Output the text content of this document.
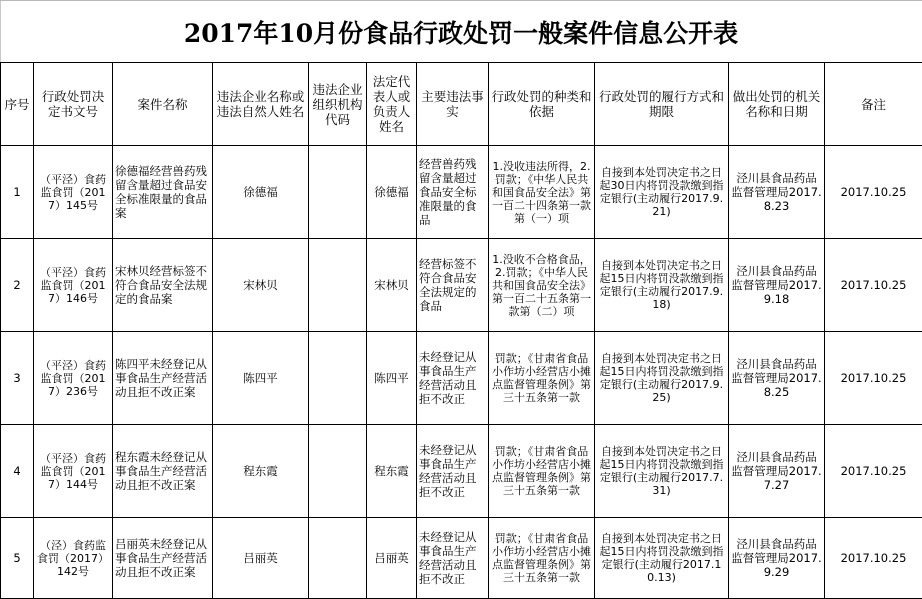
2017年10月份食品行政处罚一般案件信息公开表
序号	行政处罚决定书文号	案件名称	违法企业名称或违法自然人姓名	违法企业组织机构代码	法定代表人或负责人姓名	主要违法事实	行政处罚的种类和依据	行政处罚的履行方式和期限	做出处罚的机关名称和日期	备注
1	（平泾）食药监食罚（2017）145号	徐德福经营兽药残留含量超过食品安全标准限量的食品案	徐德福		徐德福	经营兽药残留含量超过食品安全标准限量的食品	1.没收违法所得，2.罚款；《中华人民共和国食品安全法》第一百二十四条第一款第（一）项	自接到本处罚决定书之日起30日内将罚没款缴到指定银行(主动履行2017.9.21)	泾川县食品药品监督管理局2017.8.23	2017.10.25
2	（平泾）食药监食罚（2017）146号	宋林贝经营标签不符合食品安全法规定的食品案	宋林贝		宋林贝	经营标签不符合食品安全法规定的食品	1.没收不合格食品，2.罚款；《中华人民共和国食品安全法》第一百二十五条第一款第（二）项	自接到本处罚决定书之日起15日内将罚没款缴到指定银行(主动履行2017.9.18)	泾川县食品药品监督管理局2017.9.18	2017.10.25
3	（平泾）食药监食罚（2017）236号	陈四平未经登记从事食品生产经营活动且拒不改正案	陈四平		陈四平	未经登记从事食品生产经营活动且拒不改正	罚款；《甘肃省食品小作坊小经营店小摊点监督管理条例》第三十五条第一款	自接到本处罚决定书之日起15日内将罚没款缴到指定银行(主动履行2017.9.25)	泾川县食品药品监督管理局2017.8.25	2017.10.25
4	（平泾）食药监食罚（2017）144号	程东霞未经登记从事食品生产经营活动且拒不改正案	程东霞		程东霞	未经登记从事食品生产经营活动且拒不改正	罚款；《甘肃省食品小作坊小经营店小摊点监督管理条例》第三十五条第一款	自接到本处罚决定书之日起15日内将罚没款缴到指定银行(主动履行2017.7.31)	泾川县食品药品监督管理局2017.7.27	2017.10.25
5	（泾）食药监食罚（2017）142号	吕丽英未经登记从事食品生产经营活动且拒不改正案	吕丽英		吕丽英	未经登记从事食品生产经营活动且拒不改正	罚款；《甘肃省食品小作坊小经营店小摊点监督管理条例》第三十五条第一款	自接到本处罚决定书之日起15日内将罚没款缴到指定银行(主动履行2017.10.13)	泾川县食品药品监督管理局2017.9.29	2017.10.25
